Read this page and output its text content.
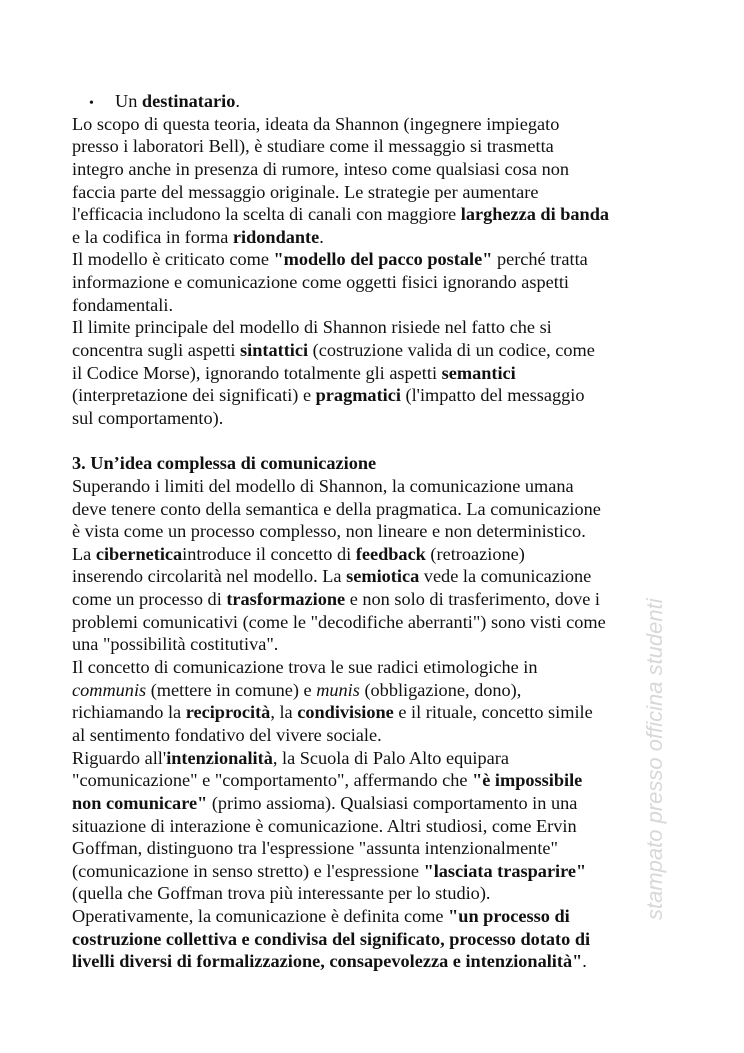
stampato presso officina studenti
• Un destinatario.
Lo scopo di questa teoria, ideata da Shannon (ingegnere impiegato
presso i laboratori Bell), è studiare come il messaggio si trasmetta
integro anche in presenza di rumore, inteso come qualsiasi cosa non
faccia parte del messaggio originale. Le strategie per aumentare
l'efficacia includono la scelta di canali con maggiore larghezza di banda
e la codifica in forma ridondante.
Il modello è criticato come "modello del pacco postale" perché tratta
informazione e comunicazione come oggetti fisici ignorando aspetti
fondamentali.
Il limite principale del modello di Shannon risiede nel fatto che si
concentra sugli aspetti sintattici (costruzione valida di un codice, come
il Codice Morse), ignorando totalmente gli aspetti semantici
(interpretazione dei significati) e pragmatici (l'impatto del messaggio
sul comportamento).
3. Un’idea complessa di comunicazione
Superando i limiti del modello di Shannon, la comunicazione umana
deve tenere conto della semantica e della pragmatica. La comunicazione
è vista come un processo complesso, non lineare e non deterministico.
La ciberneticaintroduce il concetto di feedback (retroazione)
inserendo circolarità nel modello. La semiotica vede la comunicazione
come un processo di trasformazione e non solo di trasferimento, dove i
problemi comunicativi (come le "decodifiche aberranti") sono visti come
una "possibilità costitutiva".
Il concetto di comunicazione trova le sue radici etimologiche in
communis (mettere in comune) e munis (obbligazione, dono),
richiamando la reciprocità, la condivisione e il rituale, concetto simile
al sentimento fondativo del vivere sociale.
Riguardo all'intenzionalità, la Scuola di Palo Alto equipara
"comunicazione" e "comportamento", affermando che "è impossibile
non comunicare" (primo assioma). Qualsiasi comportamento in una
situazione di interazione è comunicazione. Altri studiosi, come Ervin
Goffman, distinguono tra l'espressione "assunta intenzionalmente"
(comunicazione in senso stretto) e l'espressione "lasciata trasparire"
(quella che Goffman trova più interessante per lo studio).
Operativamente, la comunicazione è definita come "un processo di
costruzione collettiva e condivisa del significato, processo dotato di
livelli diversi di formalizzazione, consapevolezza e intenzionalità".
